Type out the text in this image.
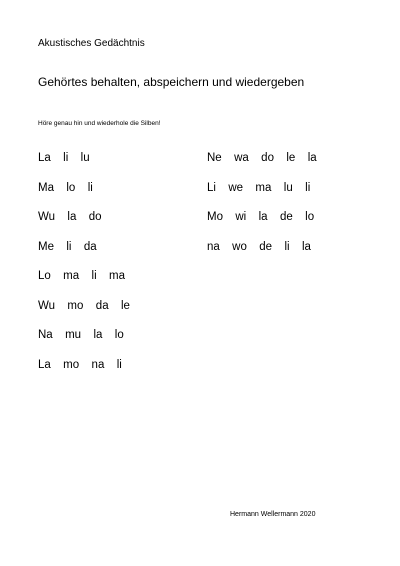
Akustisches Gedächtnis
Gehörtes behalten, abspeichern und wiedergeben
Höre genau hin und wiederhole die Silben!
La  li  lu
Ma  lo  li
Wu  la  do
Me  li  da
Lo  ma  li  ma
Wu  mo  da  le
Na  mu  la  lo
La  mo  na  li
Ne  wa  do  le  la
Li  we  ma  lu  li
Mo  wi  la  de  lo
na  wo  de  li  la
Hermann Wellermann 2020
